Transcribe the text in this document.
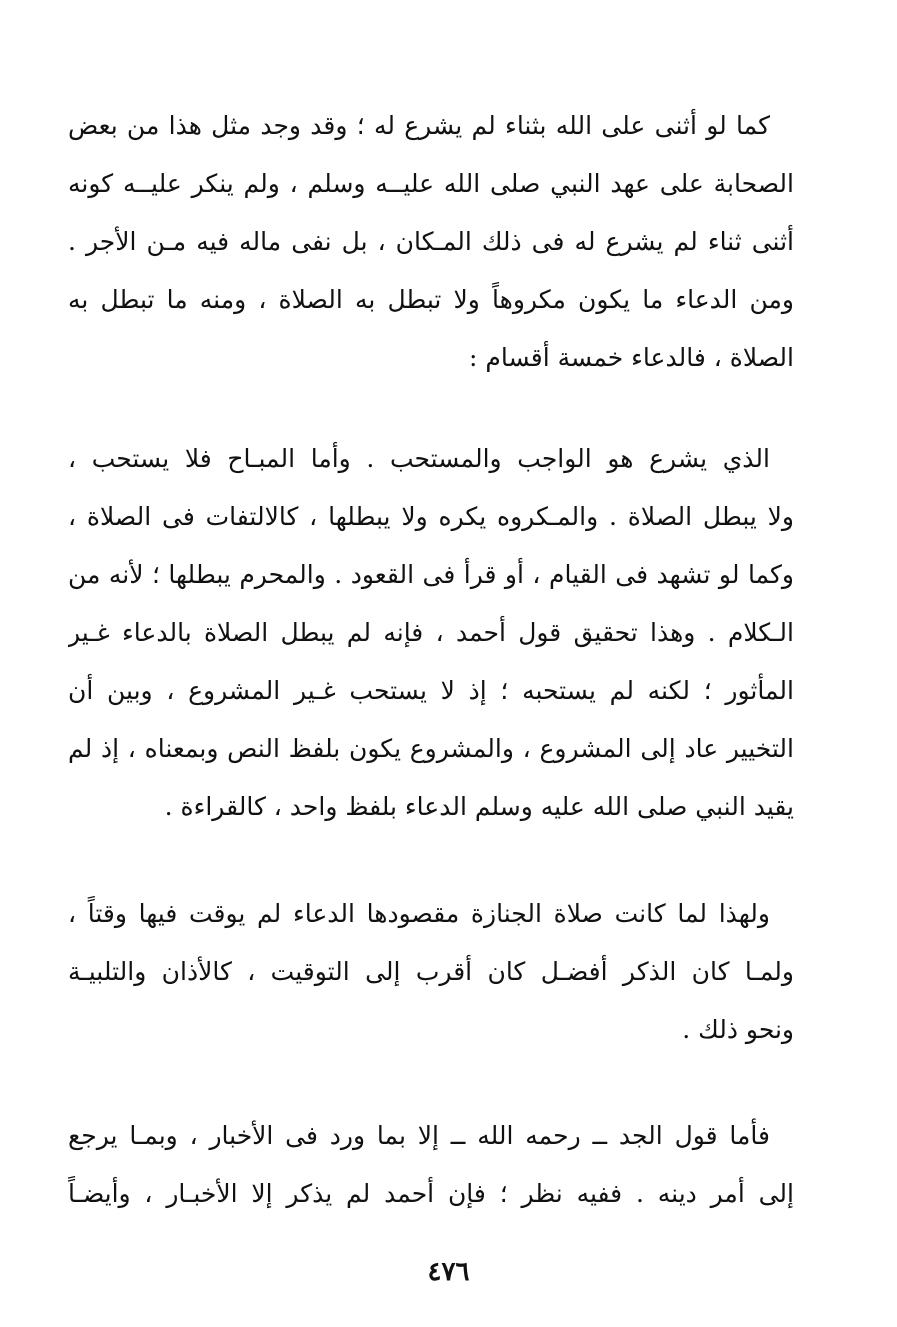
كما لو أثنى على الله بثناء لم يشرع له ؛ وقد وجد مثل هذا من بعض
الصحابة على عهد النبي صلى الله عليــه وسلم ، ولم ينكر عليــه كونه
أثنى ثناء لم يشرع له فى ذلك المـكان ، بل نفى ماله فيه مـن الأجر .
ومن الدعاء ما يكون مكروهاً ولا تبطل به الصلاة ، ومنه ما تبطل به
الصلاة ، فالدعاء خمسة أقسام :
الذي يشرع هو الواجب والمستحب . وأما المبـاح فلا يستحب ،
ولا يبطل الصلاة . والمـكروه يكره ولا يبطلها ، كالالتفات فى الصلاة ،
وكما لو تشهد فى القيام ، أو قرأ فى القعود . والمحرم يبطلها ؛ لأنه من
الـكلام . وهذا تحقيق قول أحمد ، فإنه لم يبطل الصلاة بالدعاء غـير
المأثور ؛ لكنه لم يستحبه ؛ إذ لا يستحب غـير المشروع ، وبين أن
التخيير عاد إلى المشروع ، والمشروع يكون بلفظ النص وبمعناه ، إذ لم
يقيد النبي صلى الله عليه وسلم الدعاء بلفظ واحد ، كالقراءة .
ولهذا لما كانت صلاة الجنازة مقصودها الدعاء لم يوقت فيها وقتاً ،
ولمـا كان الذكر أفضـل كان أقرب إلى التوقيت ، كالأذان والتلبيـة
ونحو ذلك .
فأما قول الجد ــ رحمه الله ــ إلا بما ورد فى الأخبار ، وبمـا يرجع
إلى أمر دينه . ففيه نظر ؛ فإن أحمد لم يذكر إلا الأخبـار ، وأيضـاً
٤٧٦
